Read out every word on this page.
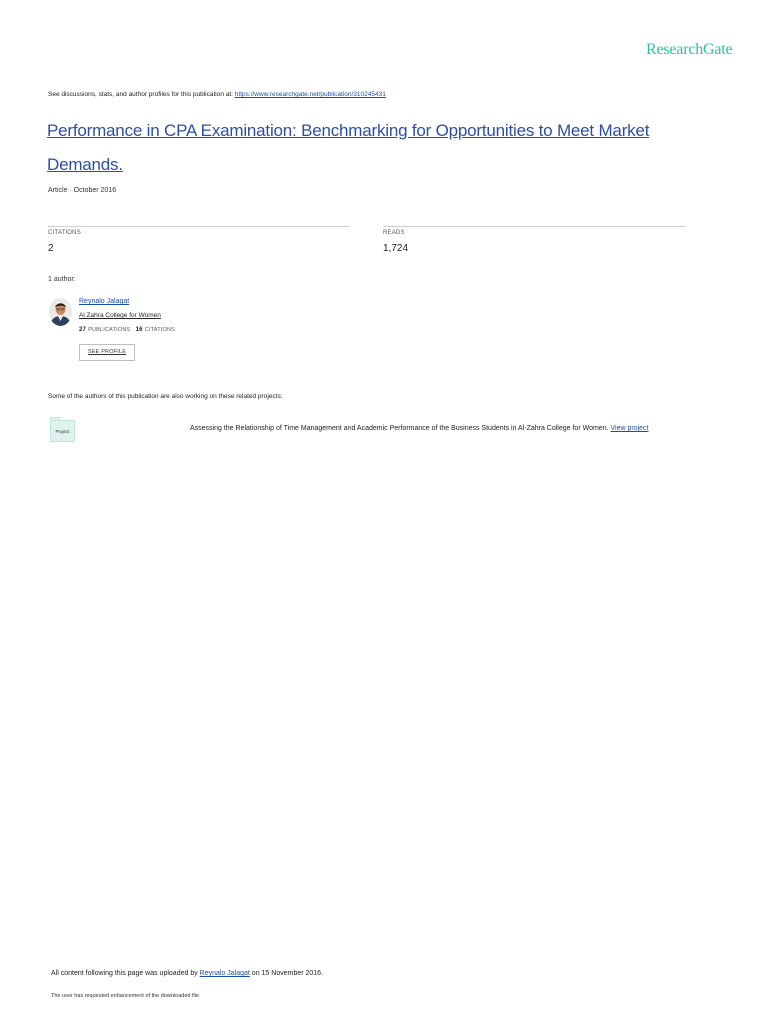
ResearchGate
See discussions, stats, and author profiles for this publication at: https://www.researchgate.net/publication/310245431
Performance in CPA Examination: Benchmarking for Opportunities to Meet Market Demands.
Article · October 2016
CITATIONS
2
READS
1,724
1 author:
Reynalo Jalagat
Al Zahra College for Women
27 PUBLICATIONS 16 CITATIONS
SEE PROFILE
Some of the authors of this publication are also working on these related projects:
Project	Assessing the Relationship of Time Management and Academic Performance of the Business Students in Al-Zahra College for Women. View project
All content following this page was uploaded by Reynalo Jalagat on 15 November 2016.
The user has requested enhancement of the downloaded file.
